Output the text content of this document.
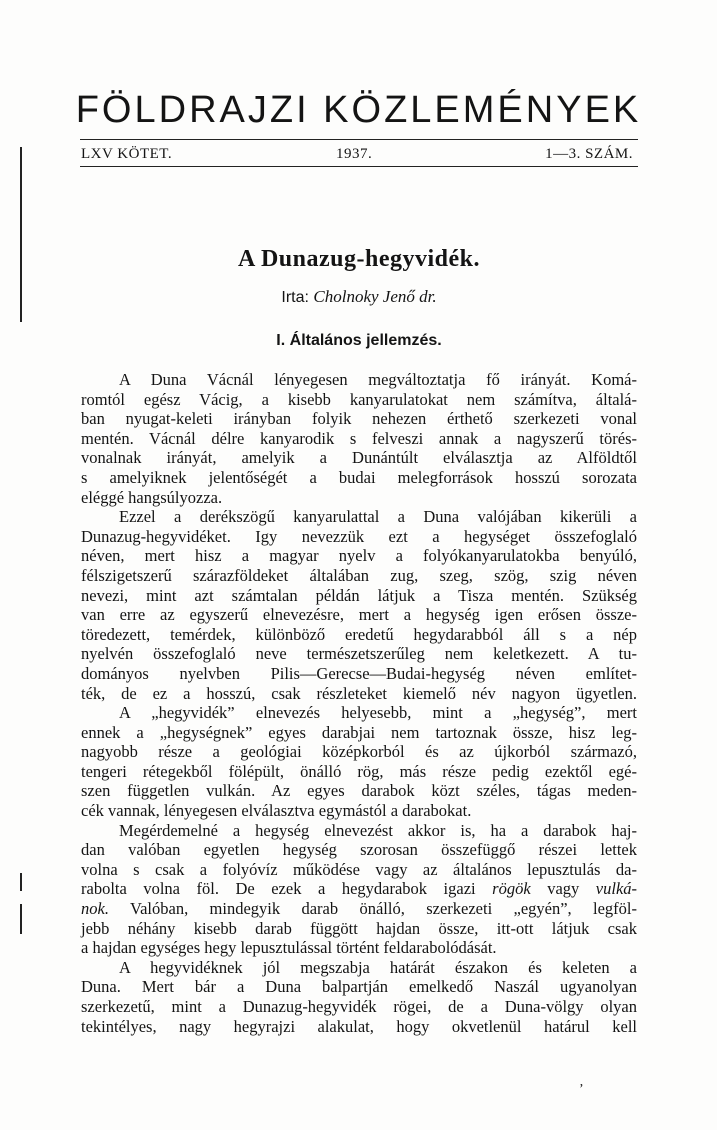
FÖLDRAJZI KÖZLEMÉNYEK
LXV KÖTET.	1937.	1—3. SZÁM.
A Dunazug-hegyvidék.
Irta: Cholnoky Jenő dr.
I. Általános jellemzés.
A Duna Vácnál lényegesen megváltoztatja fő irányát. Komá-
romtól egész Vácig, a kisebb kanyarulatokat nem számítva, általá-
ban nyugat-keleti irányban folyik nehezen érthető szerkezeti vonal
mentén. Vácnál délre kanyarodik s felveszi annak a nagyszerű törés-
vonalnak irányát, amelyik a Dunántúlt elválasztja az Alföldtől
s amelyiknek jelentőségét a budai melegforrások hosszú sorozata
eléggé hangsúlyozza.
Ezzel a derékszögű kanyarulattal a Duna valójában kikerüli a
Dunazug-hegyvidéket. Igy nevezzük ezt a hegységet összefoglaló
néven, mert hisz a magyar nyelv a folyókanyarulatokba benyúló,
félszigetszerű szárazföldeket általában zug, szeg, szög, szig néven
nevezi, mint azt számtalan példán látjuk a Tisza mentén. Szükség
van erre az egyszerű elnevezésre, mert a hegység igen erősen össze-
töredezett, temérdek, különböző eredetű hegydarabból áll s a nép
nyelvén összefoglaló neve természetszerűleg nem keletkezett. A tu-
dományos nyelvben Pilis—Gerecse—Budai-hegység néven említet-
ték, de ez a hosszú, csak részleteket kiemelő név nagyon ügyetlen.
A „hegyvidék” elnevezés helyesebb, mint a „hegység”, mert
ennek a „hegységnek” egyes darabjai nem tartoznak össze, hisz leg-
nagyobb része a geológiai középkorból és az újkorból származó,
tengeri rétegekből fölépült, önálló rög, más része pedig ezektől egé-
szen független vulkán. Az egyes darabok közt széles, tágas meden-
cék vannak, lényegesen elválasztva egymástól a darabokat.
Megérdemelné a hegység elnevezést akkor is, ha a darabok haj-
dan valóban egyetlen hegység szorosan összefüggő részei lettek
volna s csak a folyóvíz működése vagy az általános lepusztulás da-
rabolta volna föl. De ezek a hegydarabok igazi rögök vagy vulká-
nok. Valóban, mindegyik darab önálló, szerkezeti „egyén”, legföl-
jebb néhány kisebb darab függött hajdan össze, itt-ott látjuk csak
a hajdan egységes hegy lepusztulással történt feldarabolódását.
A hegyvidéknek jól megszabja határát északon és keleten a
Duna. Mert bár a Duna balpartján emelkedő Naszál ugyanolyan
szerkezetű, mint a Dunazug-hegyvidék rögei, de a Duna-völgy olyan
tekintélyes, nagy hegyrajzi alakulat, hogy okvetlenül határul kell
ʼ
